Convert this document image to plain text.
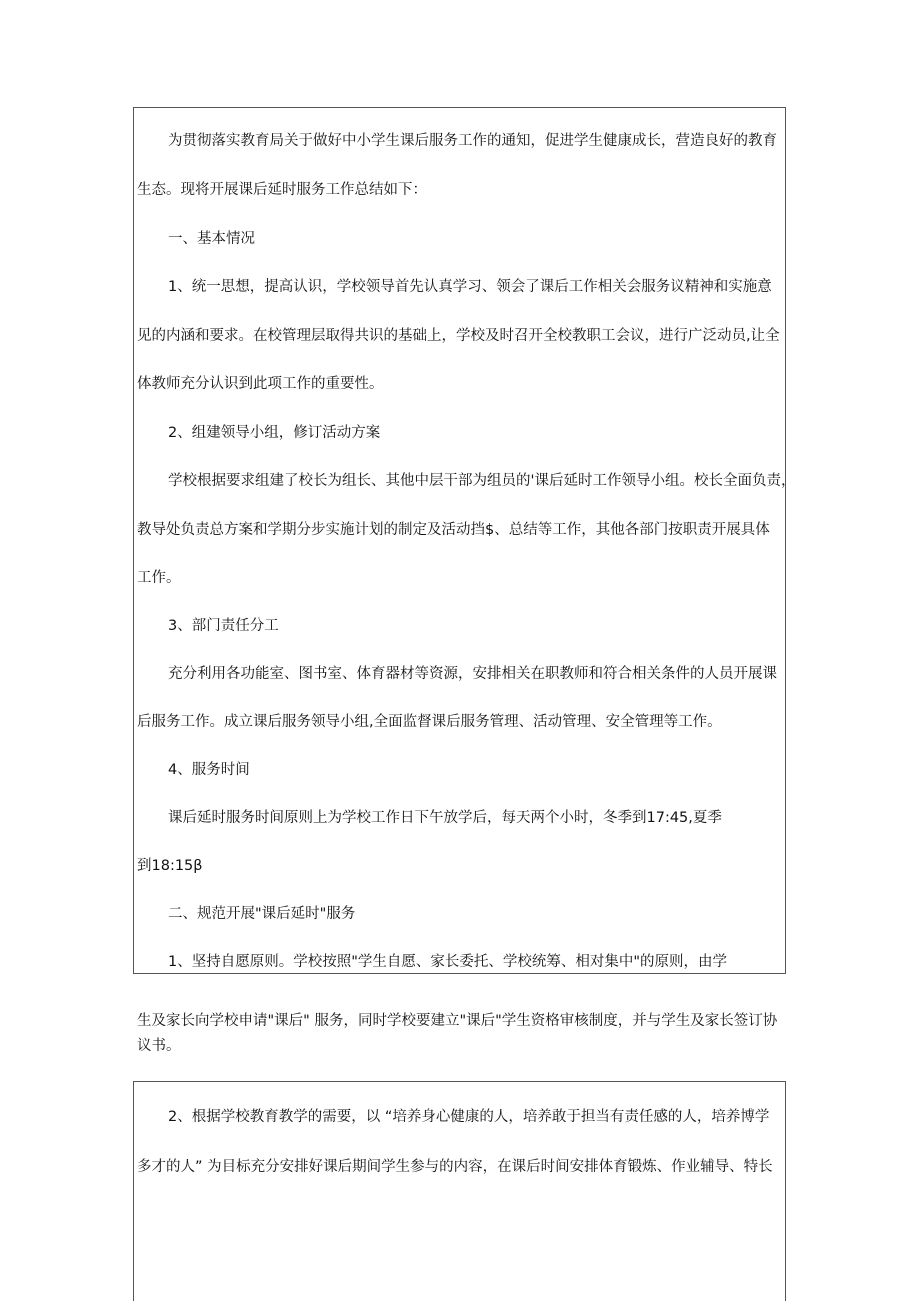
为贯彻落实教育局关于做好中小学生课后服务工作的通知，促进学生健康成长，营造良好的教育
生态。现将开展课后延时服务工作总结如下：
一、基本情况
1、统一思想，提高认识，学校领导首先认真学习、领会了课后工作相关会服务议精神和实施意
见的内涵和要求。在校管理层取得共识的基础上，学校及时召开全校教职工会议，进行广泛动员,让全
体教师充分认识到此项工作的重要性。
2、组建领导小组，修订活动方案
学校根据要求组建了校长为组长、其他中层干部为组员的'课后延时工作领导小组。校长全面负责，
教导处负责总方案和学期分步实施计划的制定及活动挡$、总结等工作，其他各部门按职责开展具体
工作。
3、部门责任分工
充分利用各功能室、图书室、体育器材等资源，安排相关在职教师和符合相关条件的人员开展课
后服务工作。成立课后服务领导小组,全面监督课后服务管理、活动管理、安全管理等工作。
4、服务时间
课后延时服务时间原则上为学校工作日下午放学后，每天两个小时，冬季到17:45,夏季
到18:15β
二、规范开展"课后延时"服务
1、坚持自愿原则。学校按照"学生自愿、家长委托、学校统筹、相对集中"的原则，由学
生及家长向学校申请"课后" 服务，同时学校要建立"课后"学生资格审核制度，并与学生及家长签订协
议书。
2、根据学校教育教学的需要，以 “培养身心健康的人，培养敢于担当有责任感的人，培养博学
多才的人” 为目标充分安排好课后期间学生参与的内容，在课后时间安排体育锻炼、作业辅导、特长
